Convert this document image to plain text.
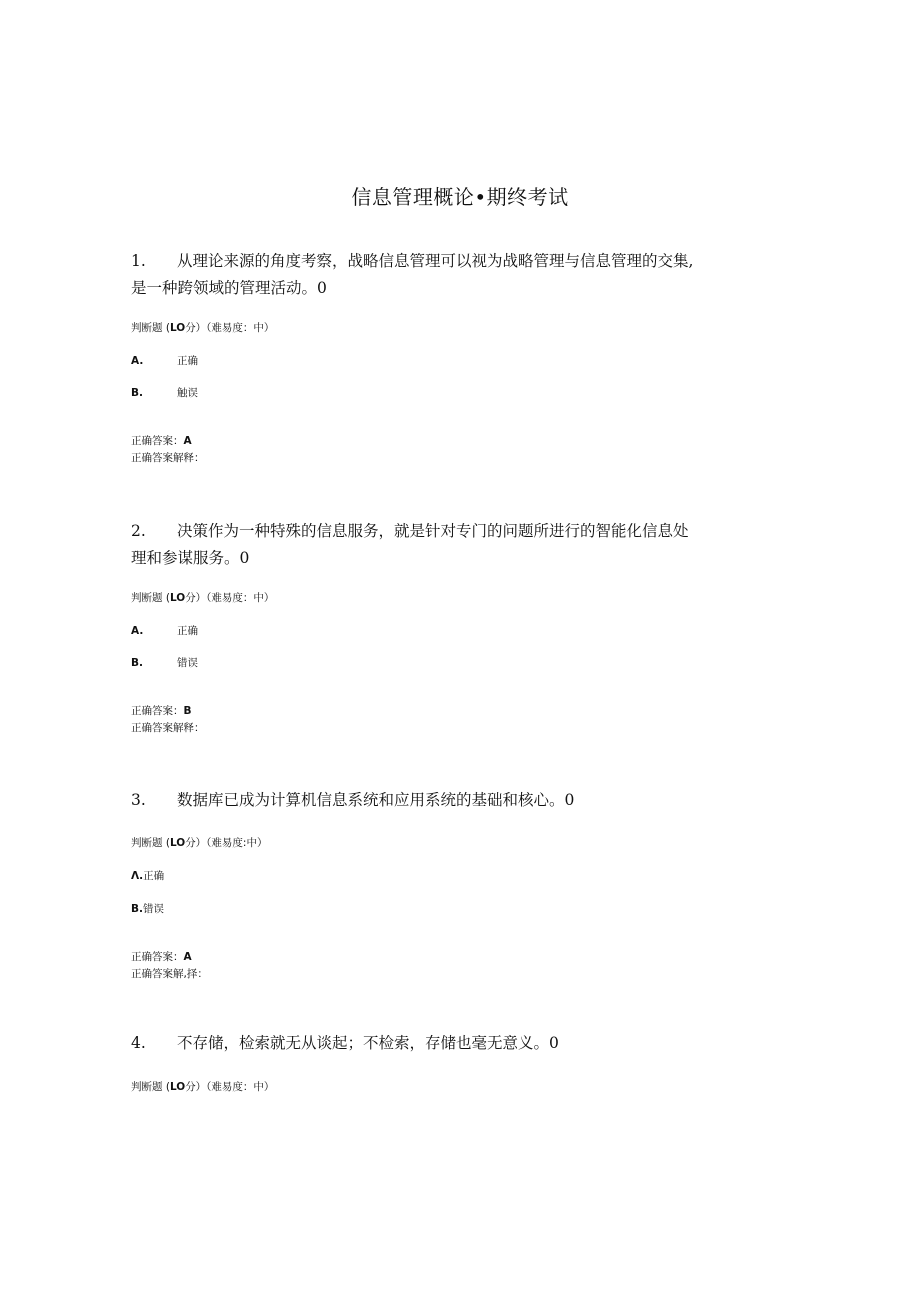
信息管理概论•期终考试
1. 从理论来源的角度考察，战略信息管理可以视为战略管理与信息管理的交集,
是一种跨领域的管理活动。0
判断题 (LO分）（难易度：中）
A.	正确
B.	触误
正确答案：A
正确答案解释：
2. 决策作为一种特殊的信息服务，就是针对专门的问题所进行的智能化信息处
理和参谋服务。0
判断题 (LO分）（难易度：中）
A.	正确
B.	错误
正确答案：B
正确答案解释：
3. 数据库已成为计算机信息系统和应用系统的基础和核心。0
判断题 (LO分）（难易度:中）
Λ.正确
B.错误
正确答案：A
正确答案解,择：
4. 不存储，检索就无从谈起；不检索，存储也毫无意义。0
判断题 (LO分）（难易度：中）
